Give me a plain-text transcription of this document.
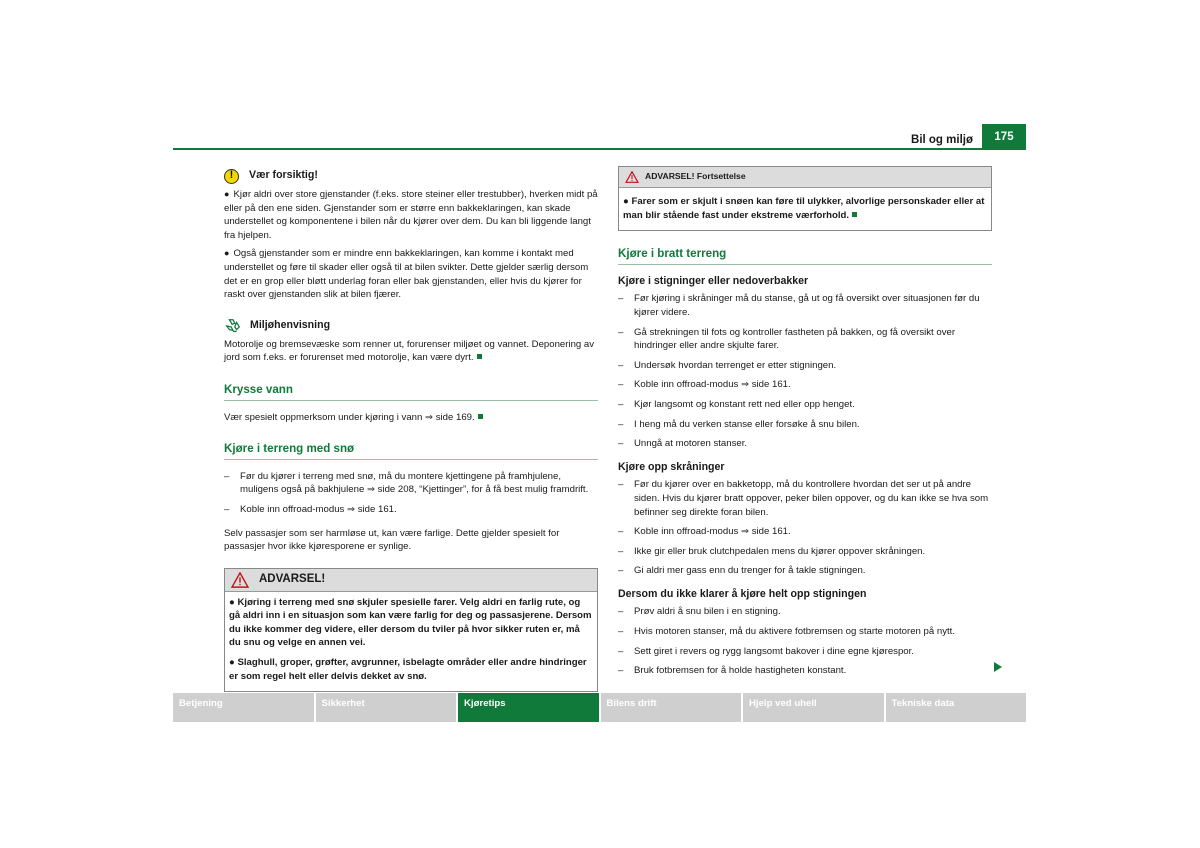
Bil og miljø	175
!	Vær forsiktig!

● Kjør aldri over store gjenstander (f.eks. store steiner eller trestubber), hverken midt på eller på den ene siden. Gjenstander som er større enn bakkeklaringen, kan skade understellet og komponentene i bilen når du kjører over dem. Du kan bli liggende langt fra hjelpen.

● Også gjenstander som er mindre enn bakkeklaringen, kan komme i kontakt med understellet og føre til skader eller også til at bilen svikter. Dette gjelder særlig dersom det er en grop eller bløtt underlag foran eller bak gjenstanden, eller hvis du kjører for raskt over gjenstanden slik at bilen fjærer.

Miljøhenvisning

Motorolje og bremsevæske som renner ut, forurenser miljøet og vannet. Deponering av jord som f.eks. er forurenset med motorolje, kan være dyrt.

Krysse vann

Vær spesielt oppmerksom under kjøring i vann ⇒ side 169.

Kjøre i terreng med snø
– Før du kjører i terreng med snø, må du montere kjettingene på framhjulene, muligens også på bakhjulene ⇒ side 208, “Kjettinger”, for å få best mulig framdrift.
– Koble inn offroad-modus ⇒ side 161.

Selv passasjer som ser harmløse ut, kan være farlige. Dette gjelder spesielt for passasjer hvor ikke kjøresporene er synlige.

ADVARSEL!

● Kjøring i terreng med snø skjuler spesielle farer. Velg aldri en farlig rute, og gå aldri inn i en situasjon som kan være farlig for deg og passasjerene. Dersom du ikke kommer deg videre, eller dersom du tviler på hvor sikker ruten er, må du snu og velge en annen vei.

● Slaghull, groper, grøfter, avgrunner, isbelagte områder eller andre hindringer er som regel helt eller delvis dekket av snø.

ADVARSEL! Fortsettelse

● Farer som er skjult i snøen kan føre til ulykker, alvorlige personskader eller at man blir stående fast under ekstreme værforhold.

Kjøre i bratt terreng
Kjøre i stigninger eller nedoverbakker
– Før kjøring i skråninger må du stanse, gå ut og få oversikt over situasjonen før du kjører videre.
– Gå strekningen til fots og kontroller fastheten på bakken, og få oversikt over hindringer eller andre skjulte farer.
– Undersøk hvordan terrenget er etter stigningen.
– Koble inn offroad-modus ⇒ side 161.
– Kjør langsomt og konstant rett ned eller opp henget.
– I heng må du verken stanse eller forsøke å snu bilen.
– Unngå at motoren stanser.
Kjøre opp skråninger
– Før du kjører over en bakketopp, må du kontrollere hvordan det ser ut på andre siden. Hvis du kjører bratt oppover, peker bilen oppover, og du kan ikke se hva som befinner seg direkte foran bilen.
– Koble inn offroad-modus ⇒ side 161.
– Ikke gir eller bruk clutchpedalen mens du kjører oppover skråningen.
– Gi aldri mer gass enn du trenger for å takle stigningen.
Dersom du ikke klarer å kjøre helt opp stigningen
– Prøv aldri å snu bilen i en stigning.
– Hvis motoren stanser, må du aktivere fotbremsen og starte motoren på nytt.
– Sett giret i revers og rygg langsomt bakover i dine egne kjørespor.
– Bruk fotbremsen for å holde hastigheten konstant.
Betjening	Sikkerhet	Kjøretips	Bilens drift	Hjelp ved uhell	Tekniske data
